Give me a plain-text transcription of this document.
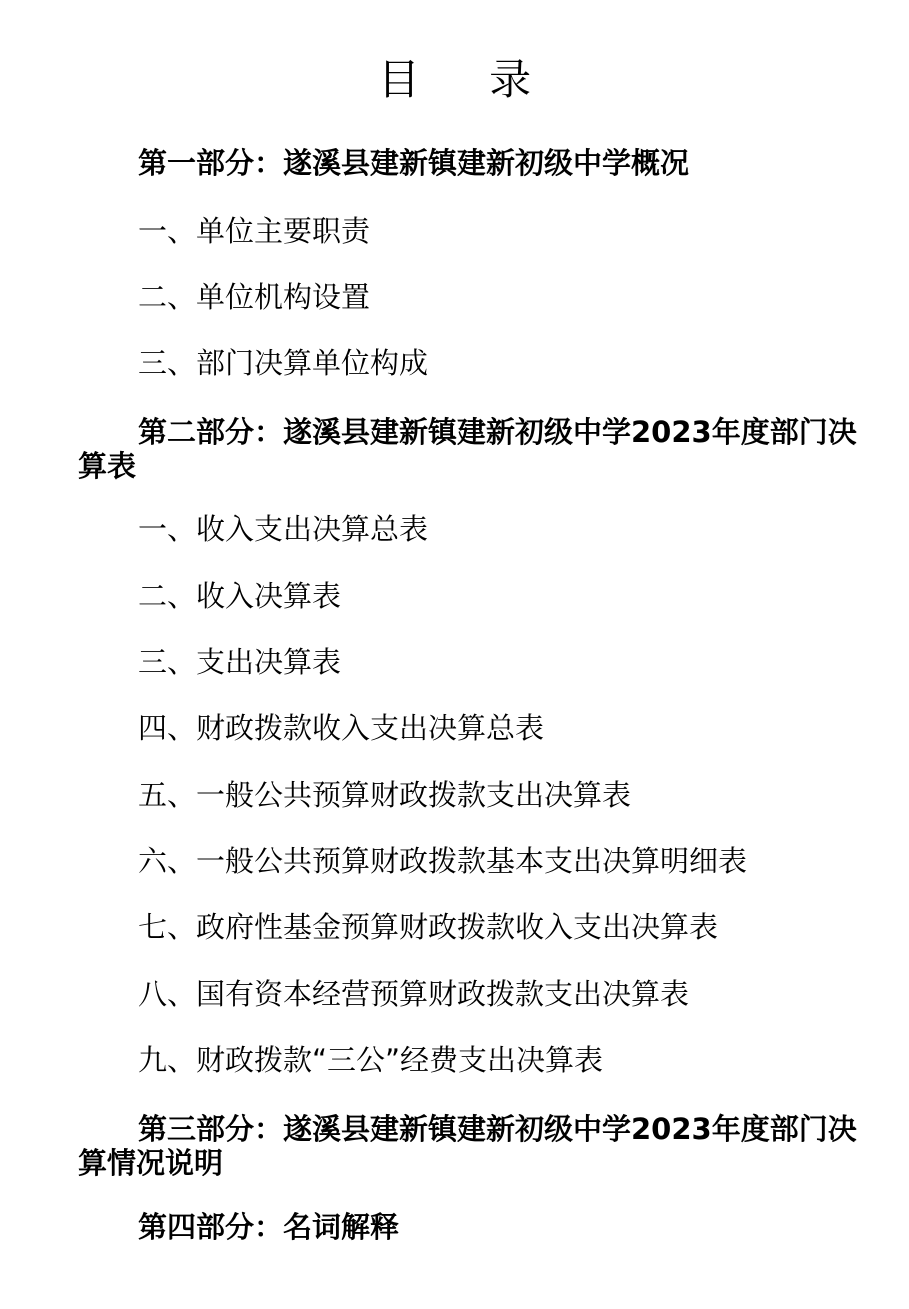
目 录
第一部分：遂溪县建新镇建新初级中学概况
一、单位主要职责
二、单位机构设置
三、部门决算单位构成
第二部分：遂溪县建新镇建新初级中学2023年度部门决算表
一、收入支出决算总表
二、收入决算表
三、支出决算表
四、财政拨款收入支出决算总表
五、一般公共预算财政拨款支出决算表
六、一般公共预算财政拨款基本支出决算明细表
七、政府性基金预算财政拨款收入支出决算表
八、国有资本经营预算财政拨款支出决算表
九、财政拨款“三公”经费支出决算表
第三部分：遂溪县建新镇建新初级中学2023年度部门决算情况说明
第四部分：名词解释
